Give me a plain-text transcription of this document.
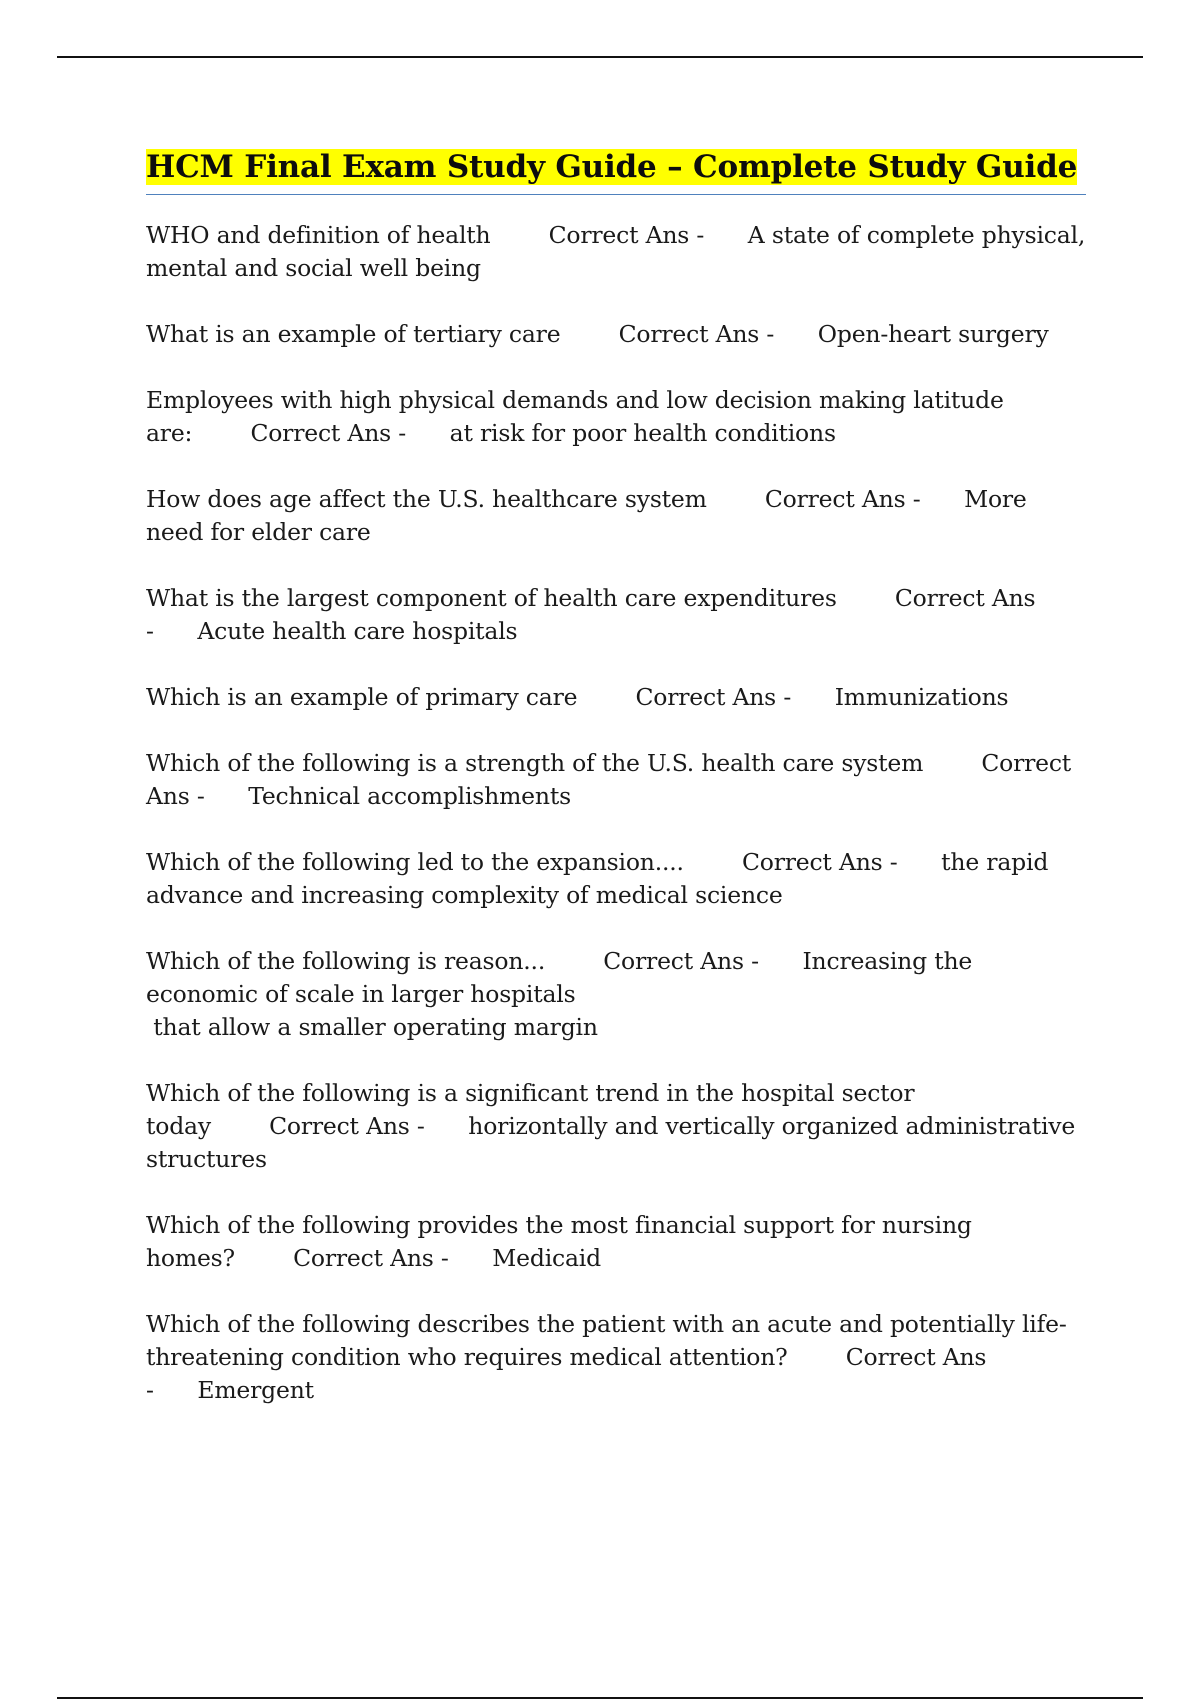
HCM Final Exam Study Guide – Complete Study Guide
WHO and definition of health Correct Ans - A state of complete physical, mental and social well being
What is an example of tertiary care Correct Ans - Open-heart surgery
Employees with high physical demands and low decision making latitude are: Correct Ans - at risk for poor health conditions
How does age affect the U.S. healthcare system Correct Ans - More need for elder care
What is the largest component of health care expenditures Correct Ans - Acute health care hospitals
Which is an example of primary care Correct Ans - Immunizations
Which of the following is a strength of the U.S. health care system Correct Ans - Technical accomplishments
Which of the following led to the expansion.... Correct Ans - the rapid advance and increasing complexity of medical science
Which of the following is reason... Correct Ans - Increasing the economic of scale in larger hospitals
that allow a smaller operating margin
Which of the following is a significant trend in the hospital sector today Correct Ans - horizontally and vertically organized administrative structures
Which of the following provides the most financial support for nursing homes? Correct Ans - Medicaid
Which of the following describes the patient with an acute and potentially life-threatening condition who requires medical attention? Correct Ans - Emergent
